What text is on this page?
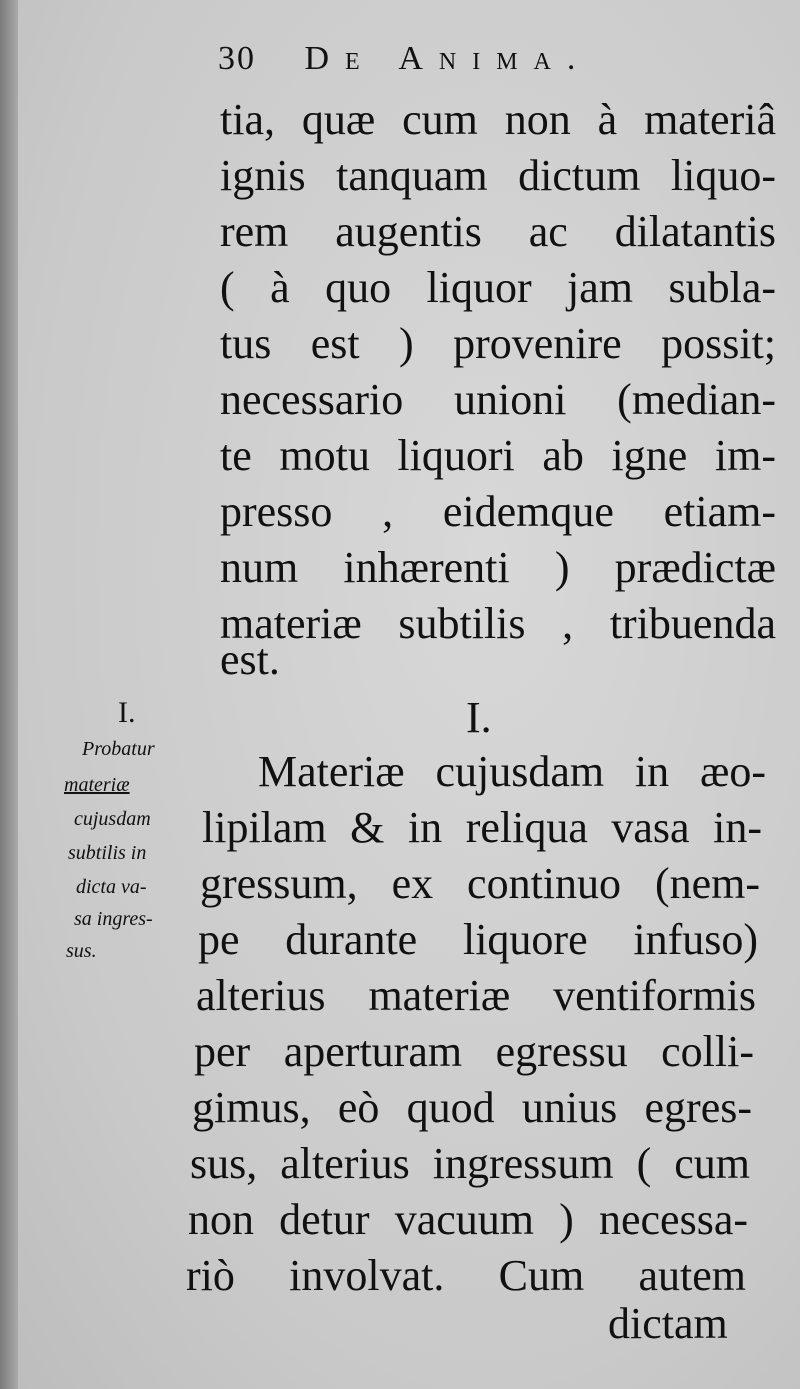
30 De Anima.
tia, quæ cum non à materiâ
ignis tanquam dictum liquo-
rem augentis ac dilatantis
( à quo liquor jam subla-
tus est ) provenire possit;
necessario unioni (median-
te motu liquori ab igne im-
presso , eidemque etiam-
num inhærenti ) prædictæ
materiæ subtilis , tribuenda
est.
I.	I.
Probatur
materiæ
cujusdam
subtilis in
dicta va-
sa ingres-
sus.
Materiæ cujusdam in æo-
lipilam & in reliqua vasa in-
gressum, ex continuo (nem-
pe durante liquore infuso)
alterius materiæ ventiformis
per aperturam egressu colli-
gimus, eò quod unius egres-
sus, alterius ingressum ( cum
non detur vacuum ) necessa-
riò involvat. Cum autem
dictam
